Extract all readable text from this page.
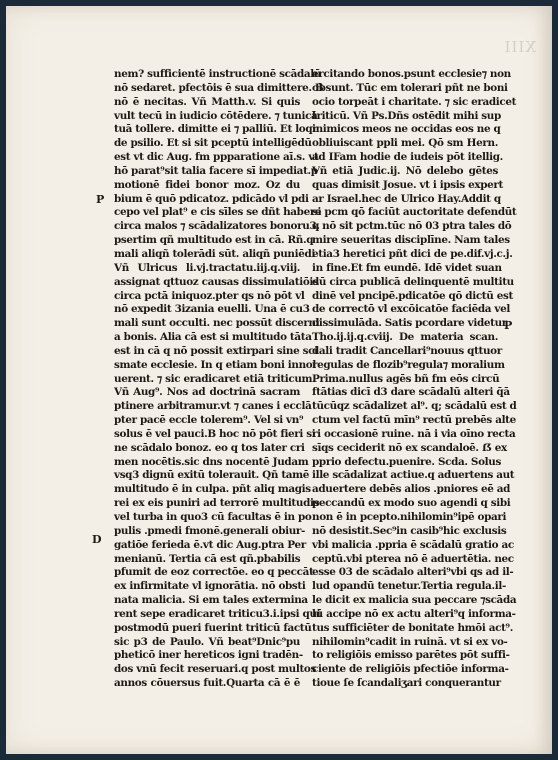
XIII
P
D
P
nem? sufficientē instructionē scādalū
nō sedaret. pfectōis ē sua dimittere. B
nō ē necitas. Vñ Matth.v. Si quis
vult tecū in iudicio cōtēdere. ⁊ tunicā
tuā tollere. dimitte ei ⁊ palliū. Et loqr
de psilio. Et si sit pceptū intelligēdū
est vt dic Aug. fm ppparatione aī.s. vt
hō parat⁹sit talia facere sī impediat.p
motionē fidei bonor moz. Oz du
bium ē quō pdicatoz. pdicādo vl pdi
cepo vel plat⁹ e cis sīles se dñt habere
circa malos ⁊ scādalizatores bonoru3.
psertim qñ multitudo est in cā. Rñ.q
mali aliqñ tolerādi sūt. aliqñ puniēdi
Vñ Ulricus li.vj.tractatu.iij.q.viij.
assignat qttuoz causas dissimulatiōis
circa pctā iniquoz.pter qs nō pōt vl
nō expedit 3izania euelli. Una ē cu3
mali sunt occulti. nec possūt discerni
a bonis. Alia cā est si multitudo tāta
est in cā q nō possit extirpari sine sci
smate ecclesie. In q etiam boni innol
uerent. ⁊ sic eradicaret etiā triticum.
Vñ Aug⁹. Nos ad doctrinā sacram
ptinere arbitramur.vt ⁊ canes i ecclā
pter pacē eccle tolerem⁹. Vel si vn⁹
solus ē vel pauci.B hoc nō pōt fieri si
ne scādalo bonoz. eo q tos later cri
men nocētis.sic dns nocentē Judam
vsq3 dignū exitū tolerauit. Qñ tamē
multitudo ē in culpa. pñt aliq magis
rei ex eis puniri ad terrorē multitudis
vel turba in quo3 cū facultas ē in po
pulis .pmedi fmonē.generali obiur-
gatiōe ferieda ē.vt dic Aug.ptra Per
menianū. Tertia cā est qñ.pbabilis
pfumit de eoz correctōe. eo q peccāt
ex infirmitate vl ignorātia. nō obsti
nata malicia. Si em tales extermina
rent sepe eradicaret triticu3.i.ipsi qui
postmodū pueri fuerint triticū factū
sic p3 de Paulo. Vñ beat⁹Dnic⁹pu
pheticō iner hereticos igni tradēn-
dos vnū fecit reseruari.q post multos
annos cōuersus fuit.Quarta cā ē ē
ercitando bonos.psunt ecclesie⁊ non
obsunt. Tūc em tolerari pñt ne boni
ocio torpeāt i charitate. ⁊ sic eradicet
triticū. Vñ Ps.Dñs ostēdit mihi sup
inimicos meos ne occidas eos ne q
obliuiscant ppli mei. Qō sm Hern.
ad IFam hodie de iudeis pōt itellig.
Vñ etiā Judic.ij. Nō delebo gētes
quas dimisit Josue. vt i ipsis expert
ar Israel.hec de Ulrico Hay.Addit q
si pcm qō faciūt auctoritate defendūt
q nō sit pctm.tūc nō 03 ptra tales dō
mire seueritas disciplīne. Nam tales
etia3 heretici pñt dici de pe.dif.vj.c.j.
in fine.Et fm eundē. Idē videt suan
dū circa publicā delinquentē multitu
dinē vel pncipē.pdicatōe qō dictū est
de correctō vl excōicatōe faciēda vel
dissimulāda. Satis pcordare videtur
Tho.ij.ij.q.cviij. De materia scan.
dali tradit Cancellari⁹nouus qttuor
regulas de flozib⁹regula⁊ moralium
Prima.nullus agēs bñ fm eōs circū
ftātias dicī d3 dare scādalū alteri q̄ā
tūcūqz scādalizet al⁹. q; scādalū est d
ctum vel factū mīn⁹ rectū prebēs alte
ri occasionē ruine. nā i via oīno recta
sīqs ceciderit nō ex scandaloē. ẞ ex
pprio defectu.puenire. Scda. Solus
ille scādalizat actiue.q aduertens aut
aduertere debēs alios .pniores eē ad
peccandū ex modo suo agendi q sibi
non ē in pcepto.nihilomin⁹ipē opari
nō desistit.Sec⁹in casib⁹hic exclusis
vbi malicia .ppria ē scādalū gratio ac
ceptū.vbi pterea nō ē aduertētia. nec
esse 03 de scādalo alteri⁹vbi qs ad il-
lud opandū tenetur.Tertia regula.il-
le dicit ex malicia sua peccare ⁊scāda
lū accipe nō ex actu alteri⁹q informa-
tus sufficiēter de bonitate hmōi act⁹.
nihilomin⁹cadit in ruinā. vt si ex vo-
to religiōis emisso parētes pōt suffi-
ciente de religiōis pfectiōe informa-
tioue ſe ſcandaliʒari conquerantur
